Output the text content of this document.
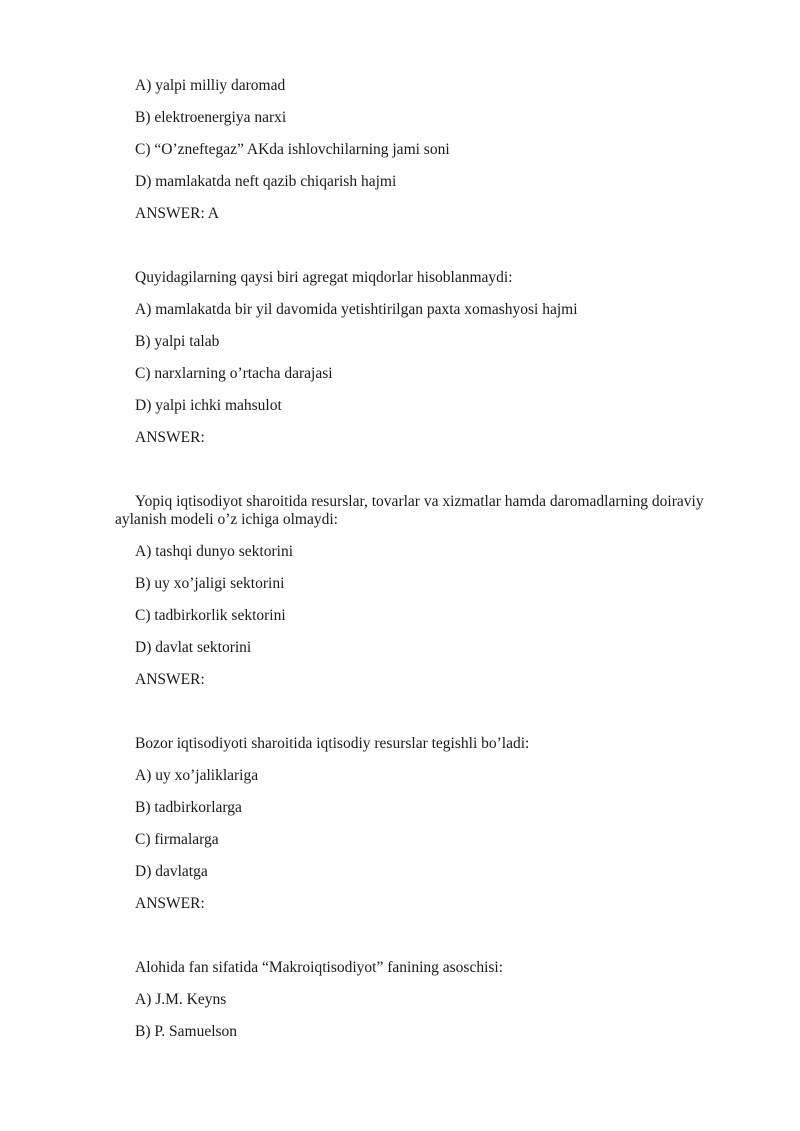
A) yalpi milliy daromad
B) elektroenergiya narxi
C) “O’zneftegaz” AKda ishlovchilarning jami soni
D) mamlakatda neft qazib chiqarish hajmi
ANSWER: A
Quyidagilarning qaysi biri agregat miqdorlar hisoblanmaydi:
A) mamlakatda bir yil davomida yetishtirilgan paxta xomashyosi hajmi
B) yalpi talab
C) narxlarning o’rtacha darajasi
D) yalpi ichki mahsulot
ANSWER:
Yopiq iqtisodiyot sharoitida resurslar, tovarlar va xizmatlar hamda daromadlarning doiraviy aylanish modeli o’z ichiga olmaydi:
A) tashqi dunyo sektorini
B) uy xo’jaligi sektorini
C) tadbirkorlik sektorini
D) davlat sektorini
ANSWER:
Bozor iqtisodiyoti sharoitida iqtisodiy resurslar tegishli bo’ladi:
A) uy xo’jaliklariga
B) tadbirkorlarga
C) firmalarga
D) davlatga
ANSWER:
Alohida fan sifatida “Makroiqtisodiyot” fanining asoschisi:
A) J.M. Keyns
B) P. Samuelson
